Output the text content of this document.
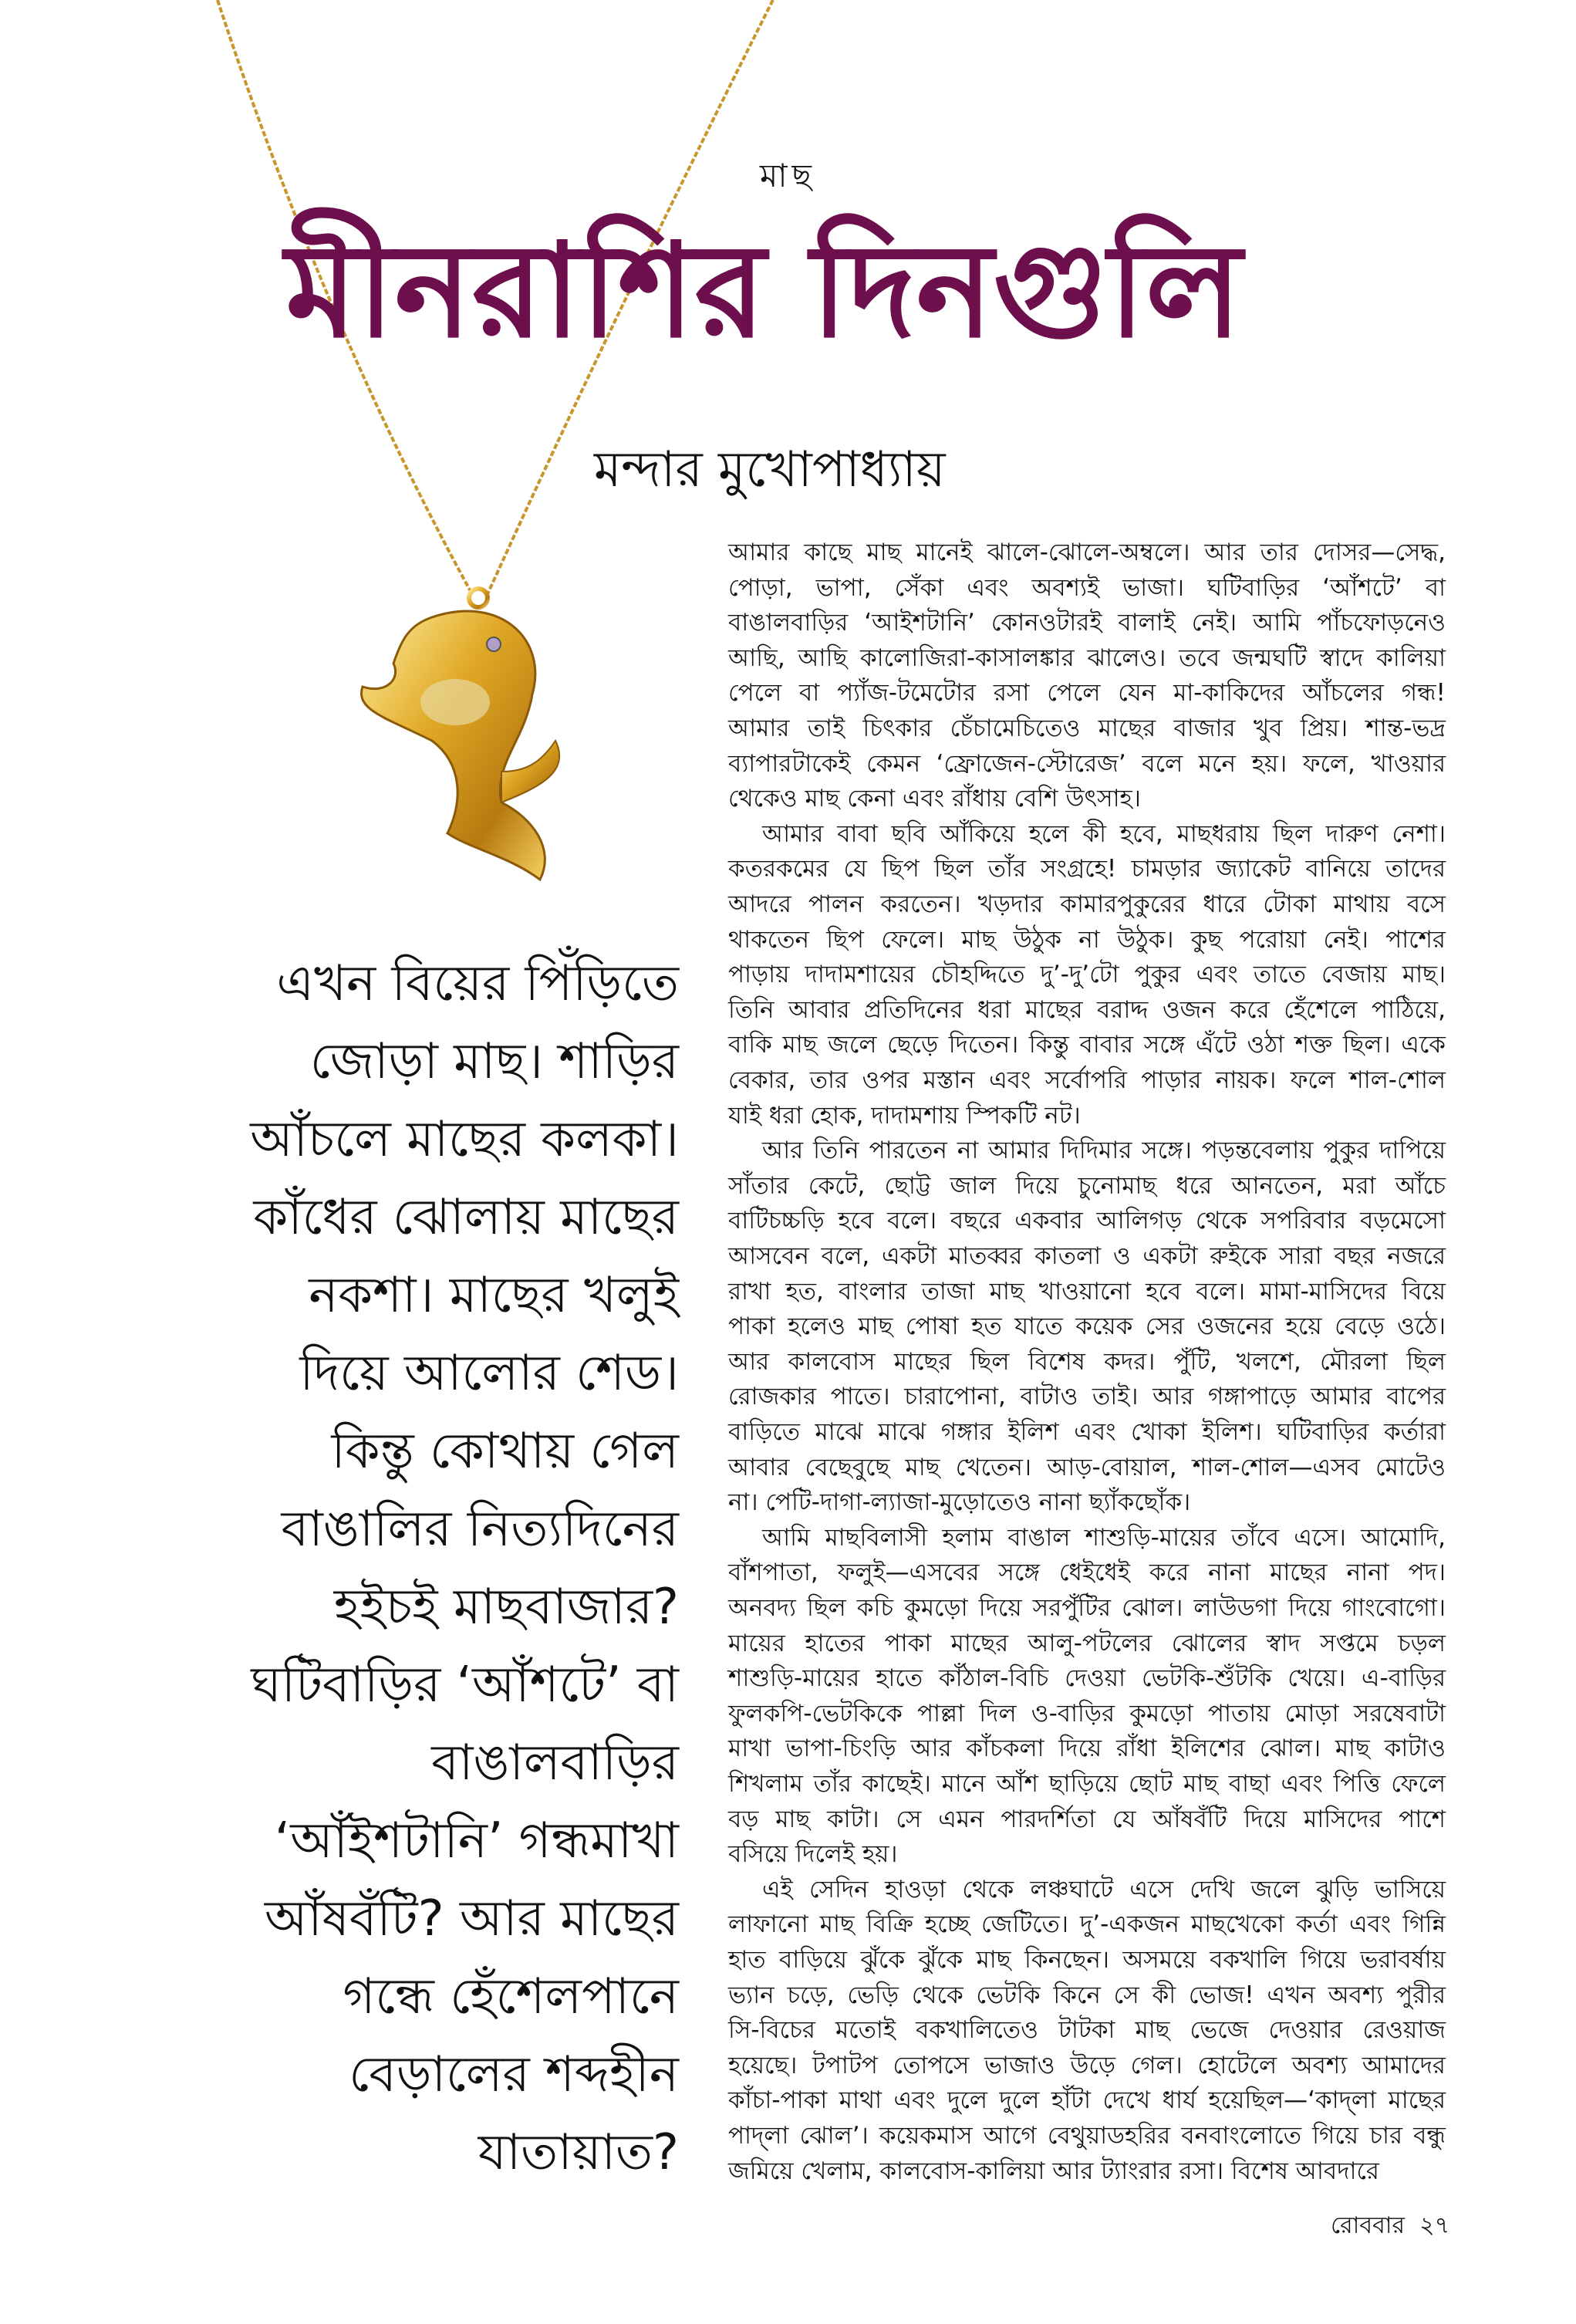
মাছ
মীনরাশির দিনগুলি
মন্দার মুখোপাধ্যায়
এখন বিয়ের পিঁড়িতে
জোড়া মাছ। শাড়ির
আঁচলে মাছের কলকা।
কাঁধের ঝোলায় মাছের
নকশা। মাছের খলুই
দিয়ে আলোর শেড।
কিন্তু কোথায় গেল
বাঙালির নিত্যদিনের
হইচই মাছবাজার?
ঘটিবাড়ির ‘আঁশটে’ বা
বাঙালবাড়ির
‘আঁইশটানি’ গন্ধমাখা
আঁষবঁটি? আর মাছের
গন্ধে হেঁশেলপানে
বেড়ালের শব্দহীন
যাতায়াত?
আমার কাছে মাছ মানেই ঝালে-ঝোলে-অম্বলে। আর তার দোসর—সেদ্ধ,
পোড়া, ভাপা, সেঁকা এবং অবশ্যই ভাজা। ঘটিবাড়ির ‘আঁশটে’ বা
বাঙালবাড়ির ‘আইশটানি’ কোনওটারই বালাই নেই। আমি পাঁচফোড়নেও
আছি, আছি কালোজিরা-কাসালঙ্কার ঝালেও। তবে জন্মঘটি স্বাদে কালিয়া
পেলে বা প্যাঁজ-টমেটোর রসা পেলে যেন মা-কাকিদের আঁচলের গন্ধ!
আমার তাই চিৎকার চেঁচামেচিতেও মাছের বাজার খুব প্রিয়। শান্ত-ভদ্র
ব্যাপারটাকেই কেমন ‘ফ্রোজেন-স্টোরেজ’ বলে মনে হয়। ফলে, খাওয়ার
থেকেও মাছ কেনা এবং রাঁধায় বেশি উৎসাহ।
আমার বাবা ছবি আঁকিয়ে হলে কী হবে, মাছধরায় ছিল দারুণ নেশা।
কতরকমের যে ছিপ ছিল তাঁর সংগ্রহে! চামড়ার জ্যাকেট বানিয়ে তাদের
আদরে পালন করতেন। খড়দার কামারপুকুরের ধারে টোকা মাথায় বসে
থাকতেন ছিপ ফেলে। মাছ উঠুক না উঠুক। কুছ পরোয়া নেই। পাশের
পাড়ায় দাদামশায়ের চৌহদ্দিতে দু’-দু’টো পুকুর এবং তাতে বেজায় মাছ।
তিনি আবার প্রতিদিনের ধরা মাছের বরাদ্দ ওজন করে হেঁশেলে পাঠিয়ে,
বাকি মাছ জলে ছেড়ে দিতেন। কিন্তু বাবার সঙ্গে এঁটে ওঠা শক্ত ছিল। একে
বেকার, তার ওপর মস্তান এবং সর্বোপরি পাড়ার নায়ক। ফলে শাল-শোল
যাই ধরা হোক, দাদামশায় স্পিকটি নট।
আর তিনি পারতেন না আমার দিদিমার সঙ্গে। পড়ন্তবেলায় পুকুর দাপিয়ে
সাঁতার কেটে, ছোট্ট জাল দিয়ে চুনোমাছ ধরে আনতেন, মরা আঁচে
বাটিচচ্চড়ি হবে বলে। বছরে একবার আলিগড় থেকে সপরিবার বড়মেসো
আসবেন বলে, একটা মাতব্বর কাতলা ও একটা রুইকে সারা বছর নজরে
রাখা হত, বাংলার তাজা মাছ খাওয়ানো হবে বলে। মামা-মাসিদের বিয়ে
পাকা হলেও মাছ পোষা হত যাতে কয়েক সের ওজনের হয়ে বেড়ে ওঠে।
আর কালবোস মাছের ছিল বিশেষ কদর। পুঁটি, খলশে, মৌরলা ছিল
রোজকার পাতে। চারাপোনা, বাটাও তাই। আর গঙ্গাপাড়ে আমার বাপের
বাড়িতে মাঝে মাঝে গঙ্গার ইলিশ এবং খোকা ইলিশ। ঘটিবাড়ির কর্তারা
আবার বেছেবুছে মাছ খেতেন। আড়-বোয়াল, শাল-শোল—এসব মোটেও
না। পেটি-দাগা-ল্যাজা-মুড়োতেও নানা ছ্যাঁকছোঁক।
আমি মাছবিলাসী হলাম বাঙাল শাশুড়ি-মায়ের তাঁবে এসে। আমোদি,
বাঁশপাতা, ফলুই—এসবের সঙ্গে ধেইধেই করে নানা মাছের নানা পদ।
অনবদ্য ছিল কচি কুমড়ো দিয়ে সরপুঁটির ঝোল। লাউডগা দিয়ে গাংবোগো।
মায়ের হাতের পাকা মাছের আলু-পটলের ঝোলের স্বাদ সপ্তমে চড়ল
শাশুড়ি-মায়ের হাতে কাঁঠাল-বিচি দেওয়া ভেটকি-শুঁটকি খেয়ে। এ-বাড়ির
ফুলকপি-ভেটকিকে পাল্লা দিল ও-বাড়ির কুমড়ো পাতায় মোড়া সরষেবাটা
মাখা ভাপা-চিংড়ি আর কাঁচকলা দিয়ে রাঁধা ইলিশের ঝোল। মাছ কাটাও
শিখলাম তাঁর কাছেই। মানে আঁশ ছাড়িয়ে ছোট মাছ বাছা এবং পিত্তি ফেলে
বড় মাছ কাটা। সে এমন পারদর্শিতা যে আঁষবঁটি দিয়ে মাসিদের পাশে
বসিয়ে দিলেই হয়।
এই সেদিন হাওড়া থেকে লঞ্চঘাটে এসে দেখি জলে ঝুড়ি ভাসিয়ে
লাফানো মাছ বিক্রি হচ্ছে জেটিতে। দু’-একজন মাছখেকো কর্তা এবং গিন্নি
হাত বাড়িয়ে ঝুঁকে ঝুঁকে মাছ কিনছেন। অসময়ে বকখালি গিয়ে ভরাবর্ষায়
ভ্যান চড়ে, ভেড়ি থেকে ভেটকি কিনে সে কী ভোজ! এখন অবশ্য পুরীর
সি-বিচের মতোই বকখালিতেও টাটকা মাছ ভেজে দেওয়ার রেওয়াজ
হয়েছে। টপাটপ তোপসে ভাজাও উড়ে গেল। হোটেলে অবশ্য আমাদের
কাঁচা-পাকা মাথা এবং দুলে দুলে হাঁটা দেখে ধার্য হয়েছিল—‘কাদ্‌লা মাছের
পাদ্‌লা ঝোল’। কয়েকমাস আগে বেথুয়াডহরির বনবাংলোতে গিয়ে চার বন্ধু
জমিয়ে খেলাম, কালবোস-কালিয়া আর ট্যাংরার রসা। বিশেষ আবদারে
রোববার ২৭
